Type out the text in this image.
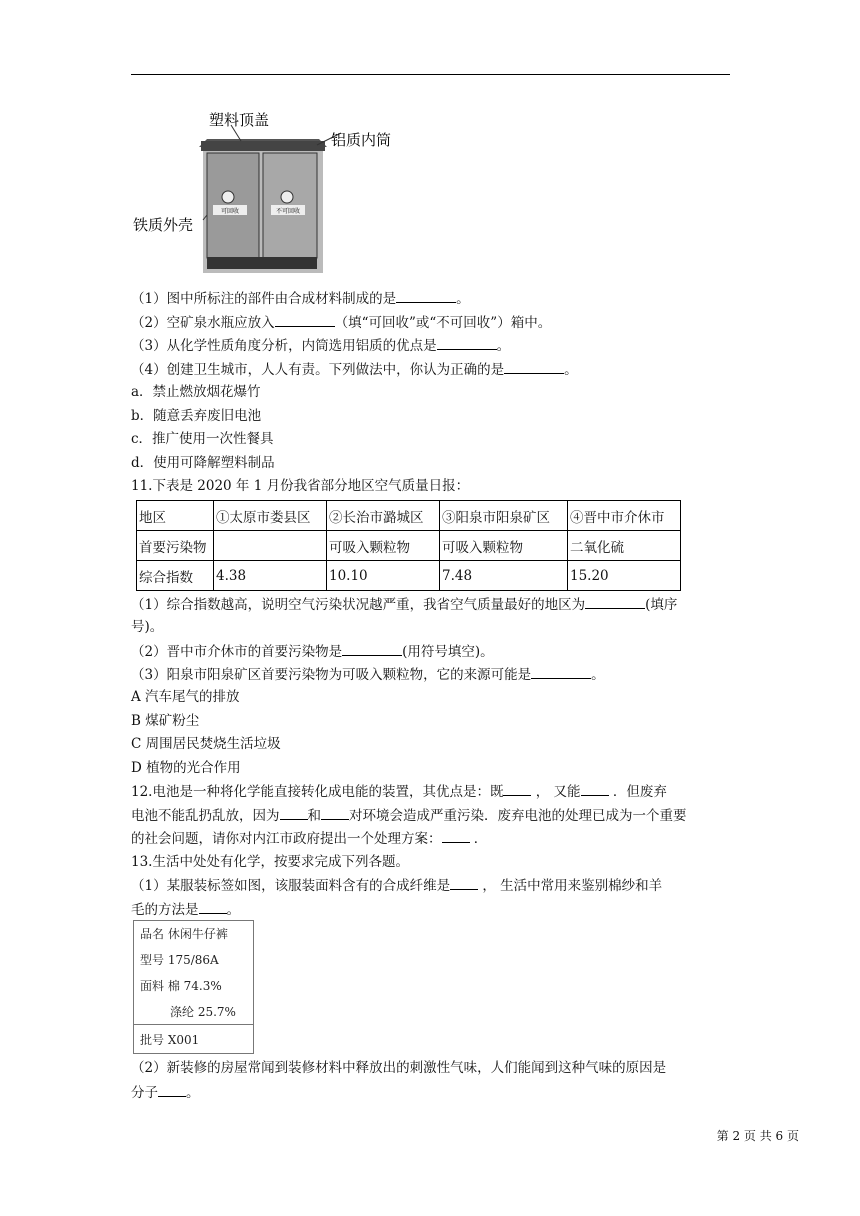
可回收	不可回收
塑料顶盖
铝质内筒
铁质外壳
（1）图中所标注的部件由合成材料制成的是	。
（2）空矿泉水瓶应放入	（填“可回收”或“不可回收”）箱中。
（3）从化学性质角度分析，内筒选用铝质的优点是	。
（4）创建卫生城市，人人有责。下列做法中，你认为正确的是	。
a．禁止燃放烟花爆竹
b．随意丢弃废旧电池
c．推广使用一次性餐具
d．使用可降解塑料制品
11.下表是 2020 年 1 月份我省部分地区空气质量日报：
地区	①太原市娄县区	②长治市潞城区	③阳泉市阳泉矿区	④晋中市介休市
首要污染物		可吸入颗粒物	可吸入颗粒物	二氧化硫
综合指数	4.38	10.10	7.48	15.20
（1）综合指数越高，说明空气污染状况越严重，我省空气质量最好的地区为	(填序
号)。
（2）晋中市介休市的首要污染物是	(用符号填空)。
（3）阳泉市阳泉矿区首要污染物为可吸入颗粒物，它的来源可能是	。
A 汽车尾气的排放
B 煤矿粉尘
C 周围居民焚烧生活垃圾
D 植物的光合作用
12.电池是一种将化学能直接转化成电能的装置，其优点是：既 ， 又能 ．但废弃
电池不能乱扔乱放，因为 和 对环境会造成严重污染．废弃电池的处理已成为一个重要
的社会问题，请你对内江市政府提出一个处理方案： ．
13.生活中处处有化学，按要求完成下列各题。
（1）某服装标签如图，该服装面料含有的合成纤维是 ， 生活中常用来鉴别棉纱和羊
毛的方法是 。
品名 休闲牛仔裤
型号 175/86A
面料 棉 74.3%
涤纶 25.7%
批号 X001
（2）新装修的房屋常闻到装修材料中释放出的刺激性气味，人们能闻到这种气味的原因是
分子 。
第 2 页 共 6 页
